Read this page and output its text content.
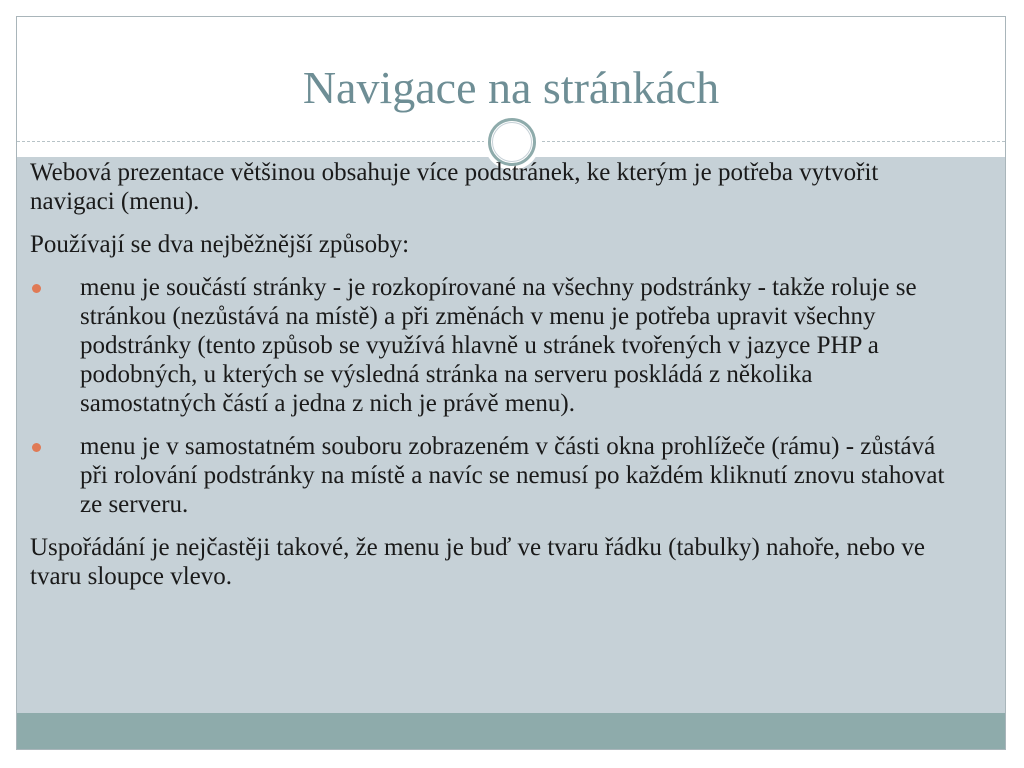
Navigace na stránkách

Webová prezentace většinou obsahuje více podstránek, ke kterým je potřeba vytvořit navigaci (menu).

Používají se dva nejběžnější způsoby:

menu je součástí stránky - je rozkopírované na všechny podstránky - takže roluje se stránkou (nezůstává na místě) a při změnách v menu je potřeba upravit všechny podstránky (tento způsob se využívá hlavně u stránek tvořených v jazyce PHP a podobných, u kterých se výsledná stránka na serveru poskládá z několika samostatných částí a jedna z nich je právě menu).
menu je v samostatném souboru zobrazeném v části okna prohlížeče (rámu) - zůstává při rolování podstránky na místě a navíc se nemusí po každém kliknutí znovu stahovat ze serveru.

Uspořádání je nejčastěji takové, že menu je buď ve tvaru řádku (tabulky) nahoře, nebo ve tvaru sloupce vlevo.
